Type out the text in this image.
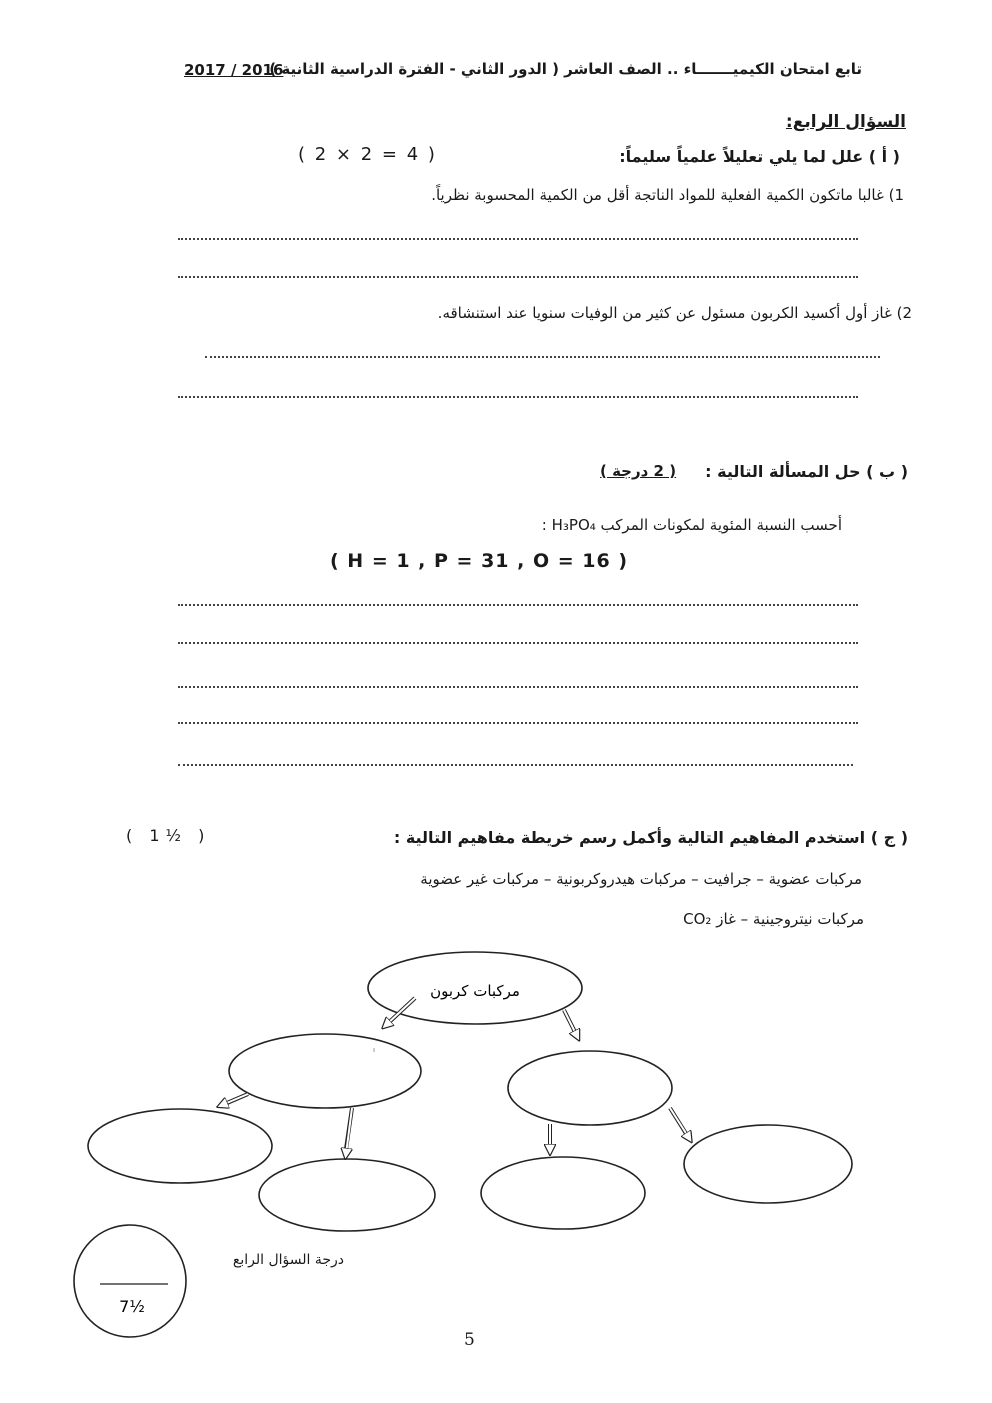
تابع امتحان الكيميـــــــاء .. الصف العاشر ( الدور الثاني - الفترة الدراسية الثانية )
2017 / 2016
السؤال الرابع:
( أ ) علل لما يلي تعليلاً علمياً سليماً:
( 2 × 2 = 4 )
1) غالبا ماتكون الكمية الفعلية للمواد الناتجة أقل من الكمية المحسوبة نظرياً.
2) غاز أول أكسيد الكربون مسئول عن كثير من الوفيات سنويا عند استنشاقه.
( ب ) حل المسألة التالية :
( 2 درجة )
أحسب النسبة المئوية لمكونات المركب H₃PO₄ :
( H = 1 , P = 31 , O = 16 )
( ج ) استخدم المفاهيم التالية وأكمل رسم خريطة مفاهيم التالية :
( 1½ )
مركبات عضوية – جرافيت – مركبات هيدروكربونية – مركبات غير عضوية
مركبات نيتروجينية – غاز CO₂
مركبات كربون
7½
درجة السؤال الرابع
5
